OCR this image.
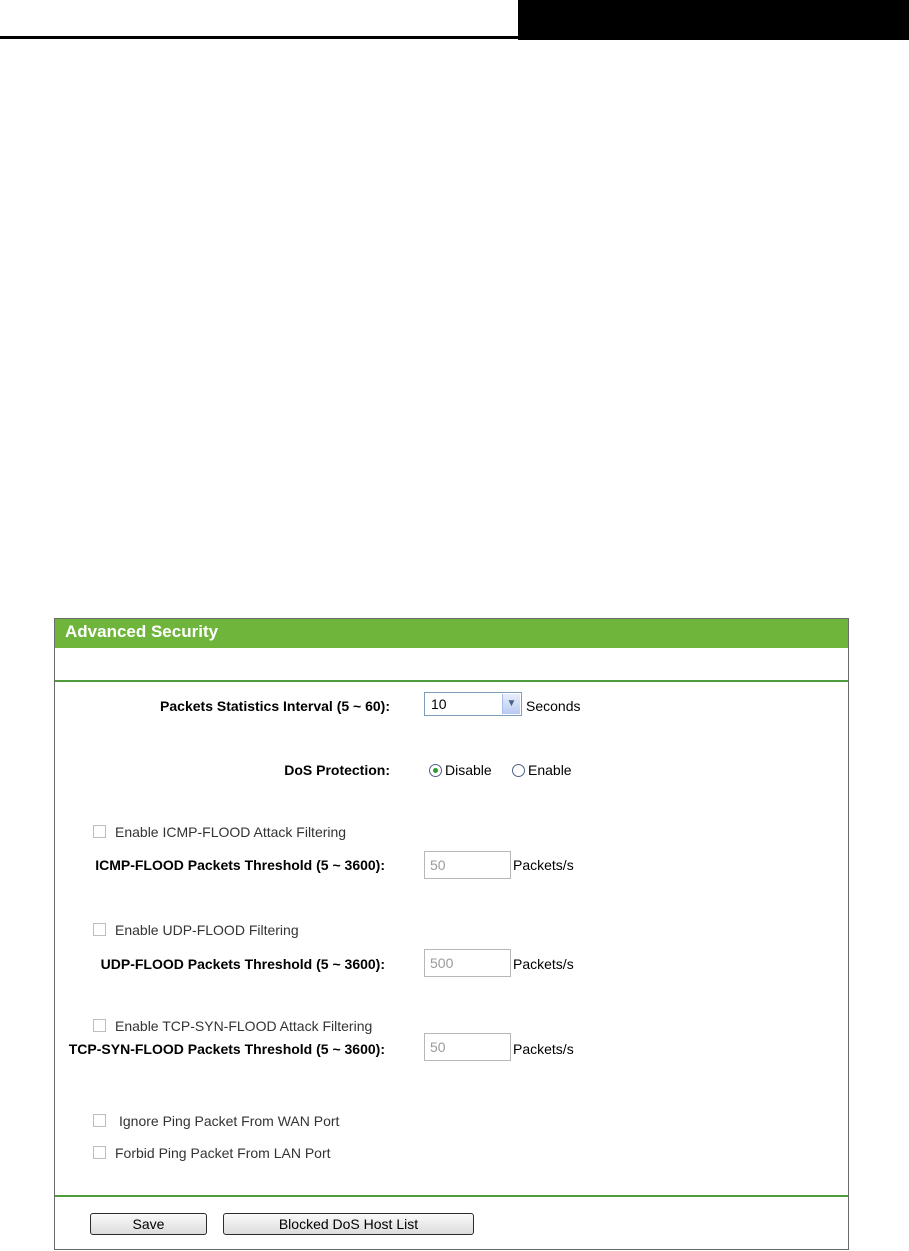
Advanced Security
Packets Statistics Interval (5 ~ 60):	10	▼ Seconds
DoS Protection:	Disable	Enable
Enable ICMP-FLOOD Attack Filtering
ICMP-FLOOD Packets Threshold (5 ~ 3600):	50	Packets/s
Enable UDP-FLOOD Filtering
UDP-FLOOD Packets Threshold (5 ~ 3600):	500	Packets/s
Enable TCP-SYN-FLOOD Attack Filtering
TCP-SYN-FLOOD Packets Threshold (5 ~ 3600):	50	Packets/s
Ignore Ping Packet From WAN Port
Forbid Ping Packet From LAN Port
Save	Blocked DoS Host List
